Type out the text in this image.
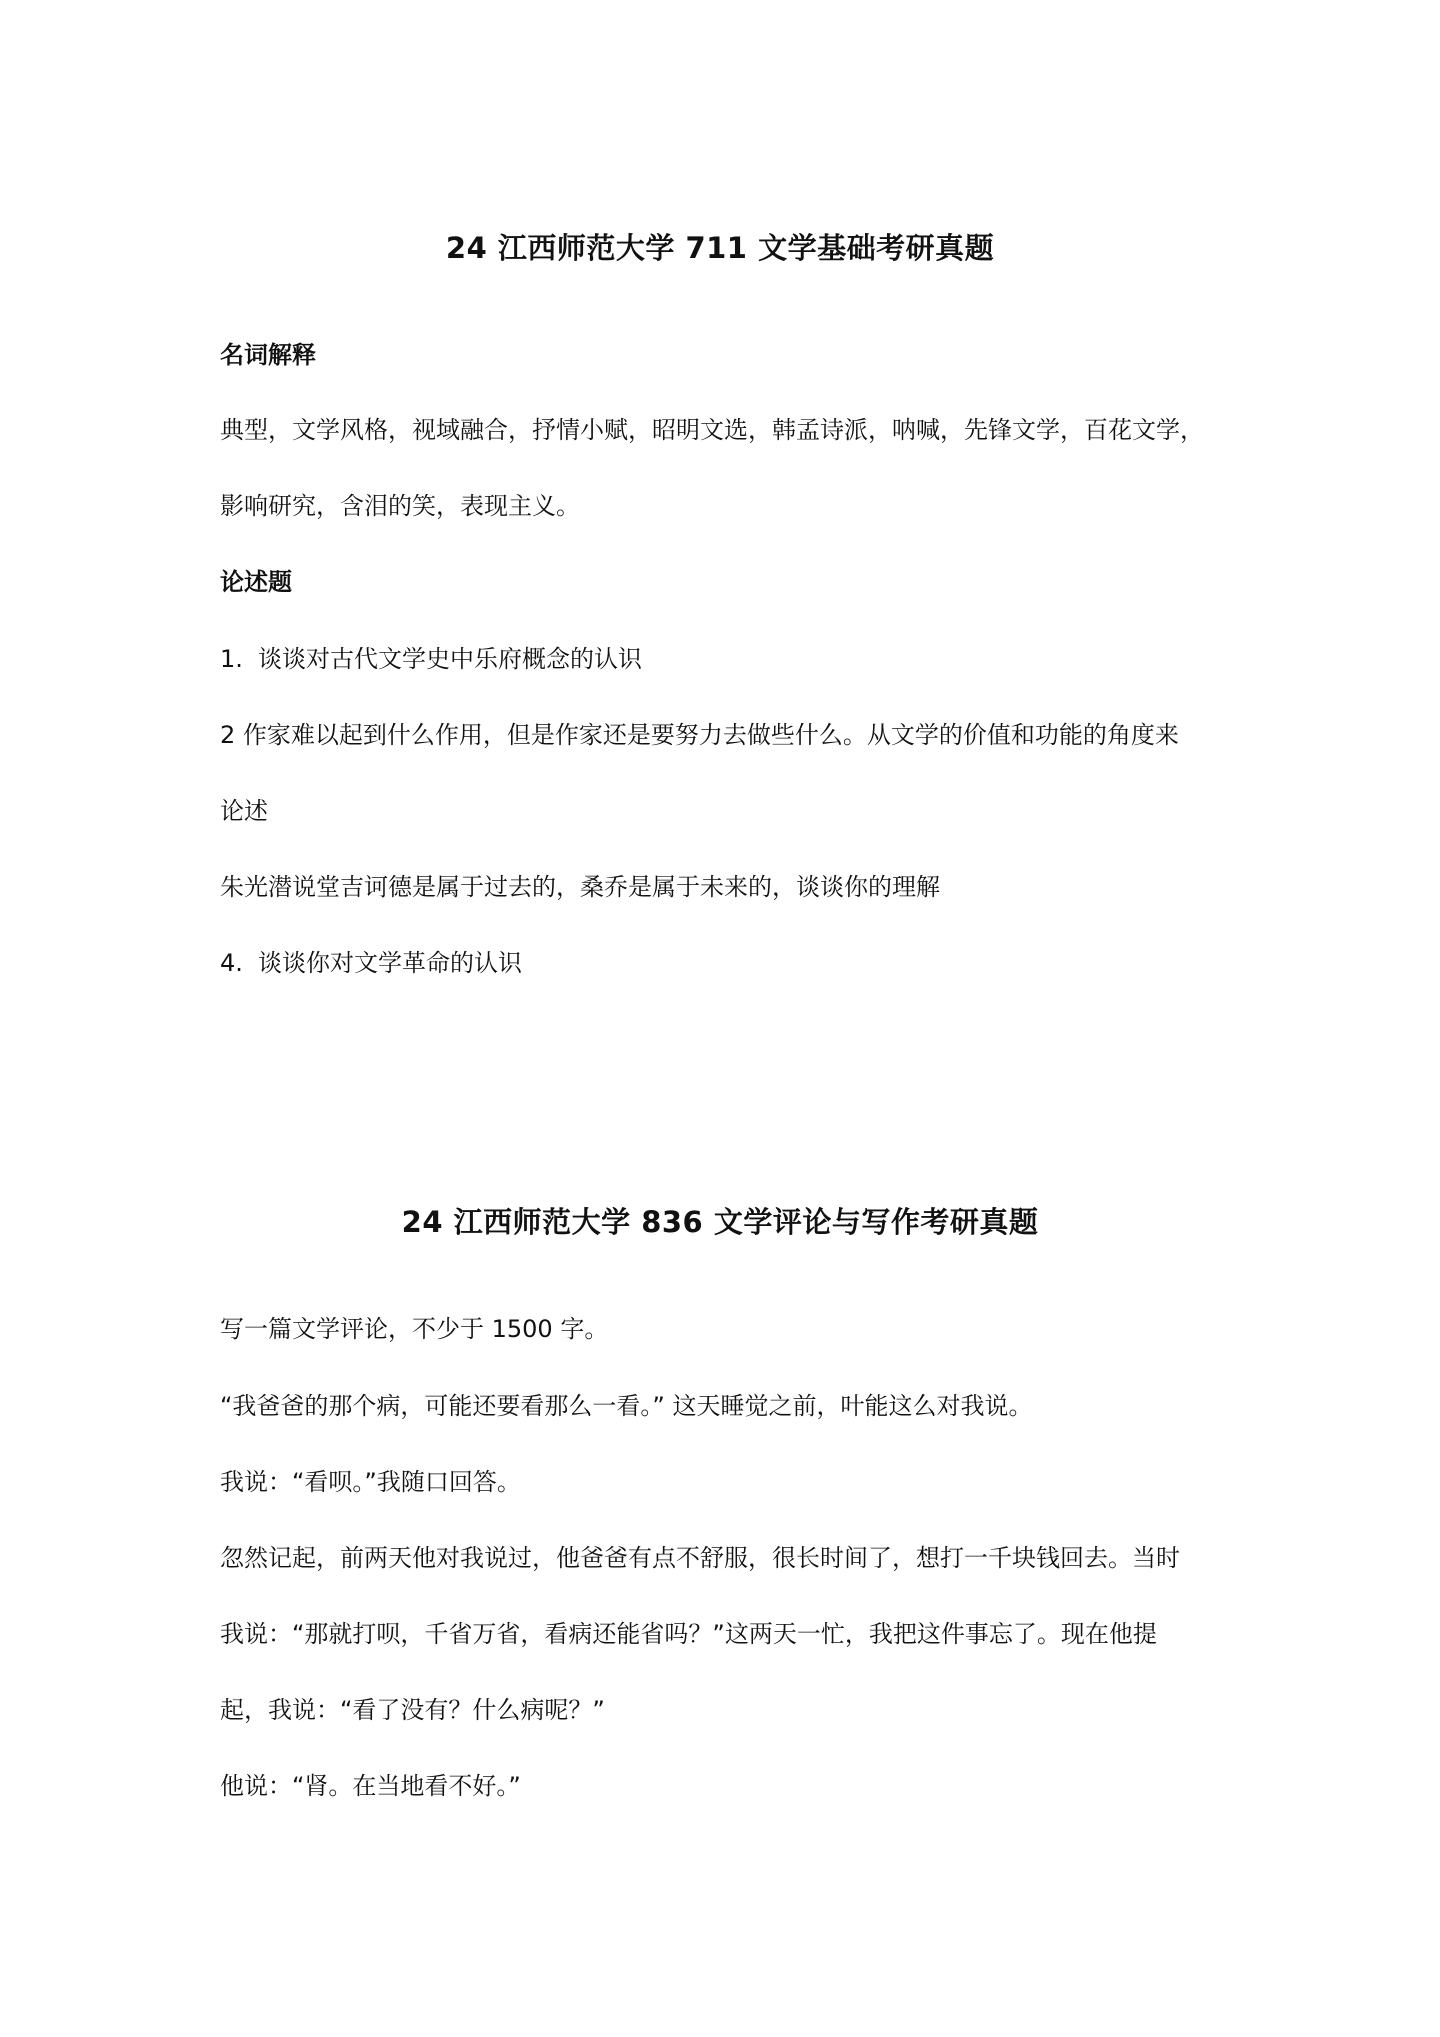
24 江西师范大学 711 文学基础考研真题
名词解释
典型，文学风格，视域融合，抒情小赋，昭明文选，韩孟诗派，呐喊，先锋文学，百花文学，
影响研究，含泪的笑，表现主义。
论述题
1. 谈谈对古代文学史中乐府概念的认识
2 作家难以起到什么作用，但是作家还是要努力去做些什么。从文学的价值和功能的角度来
论述
朱光潜说堂吉诃德是属于过去的，桑乔是属于未来的，谈谈你的理解
4. 谈谈你对文学革命的认识
24 江西师范大学 836 文学评论与写作考研真题
写一篇文学评论，不少于 1500 字。
“我爸爸的那个病，可能还要看那么一看。” 这天睡觉之前，叶能这么对我说。
我说：“看呗。”我随口回答。
忽然记起，前两天他对我说过，他爸爸有点不舒服，很长时间了，想打一千块钱回去。当时
我说：“那就打呗，千省万省，看病还能省吗？”这两天一忙，我把这件事忘了。现在他提
起，我说：“看了没有？什么病呢？”
他说：“肾。在当地看不好。”
